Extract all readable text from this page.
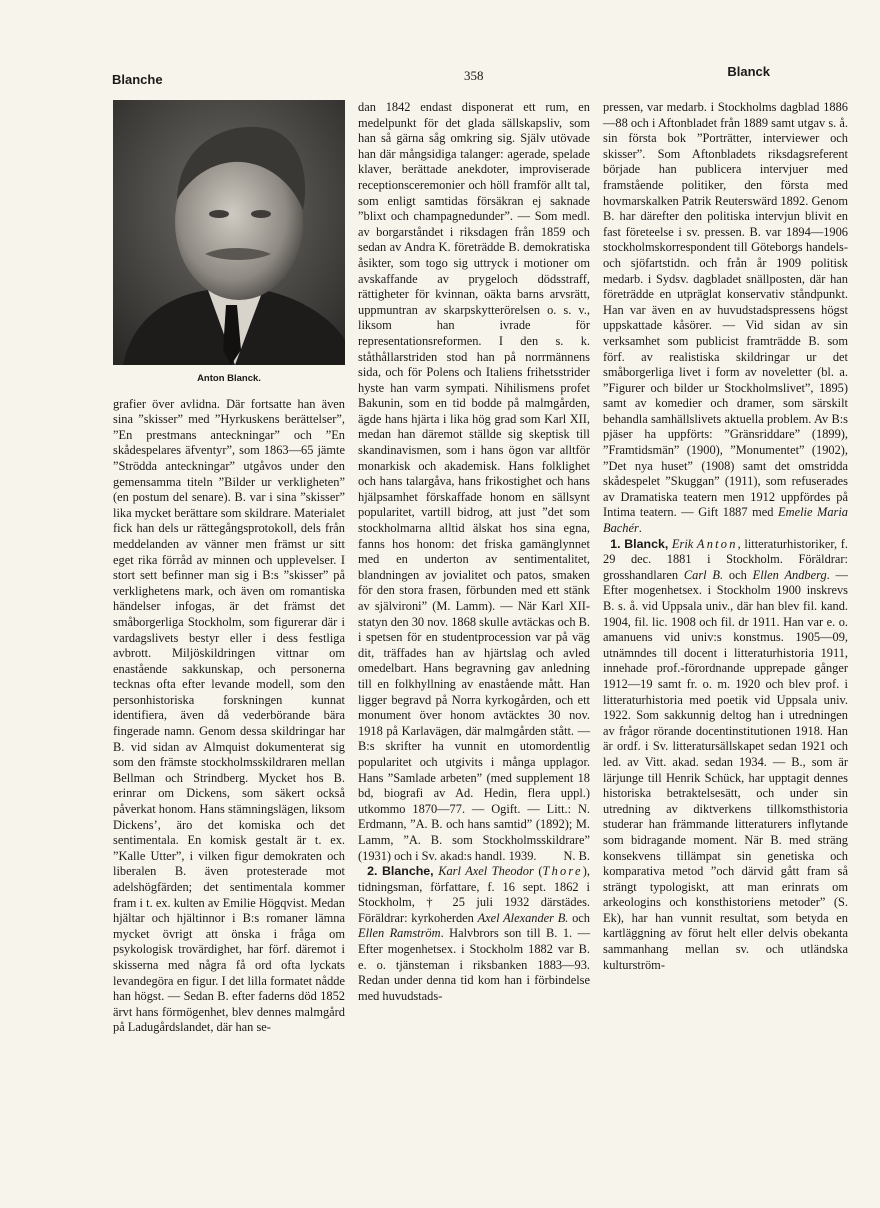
Blanche	358	Blanck
Anton Blanck.

grafier över avlidna. Där fortsatte han även sina ”skisser” med ”Hyrkuskens berättelser”, ”En prestmans anteckningar” och ”En skådespelares äfventyr”, som 1863—65 jämte ”Strödda anteckningar” utgåvos under den gemensamma titeln ”Bilder ur verkligheten” (en postum del senare). B. var i sina ”skisser” lika mycket berättare som skildrare. Materialet fick han dels ur rättegångsprotokoll, dels från meddelanden av vänner men främst ur sitt eget rika förråd av minnen och upplevelser. I stort sett befinner man sig i B:s ”skisser” på verklighetens mark, och även om romantiska händelser infogas, är det främst det småborgerliga Stockholm, som figurerar där i vardagslivets bestyr eller i dess festliga avbrott. Miljöskildringen vittnar om enastående sakkunskap, och personerna tecknas ofta efter levande modell, som den personhistoriska forskningen kunnat identifiera, även då vederbörande bära fingerade namn. Genom dessa skildringar har B. vid sidan av Almquist dokumenterat sig som den främste stockholmsskildraren mellan Bellman och Strindberg. Mycket hos B. erinrar om Dickens, som säkert också påverkat honom. Hans stämningslägen, liksom Dickens’, äro det komiska och det sentimentala. En komisk gestalt är t. ex. ”Kalle Utter”, i vilken figur demokraten och liberalen B. även protesterade mot adelshögfärden; det sentimentala kommer fram i t. ex. kulten av Emilie Högqvist. Medan hjältar och hjältinnor i B:s romaner lämna mycket övrigt att önska i fråga om psykologisk trovärdighet, har förf. däremot i skisserna med några få ord ofta lyckats levandegöra en figur. I det lilla formatet nådde han högst. — Sedan B. efter faderns död 1852 ärvt hans förmögenhet, blev dennes malmgård på Ladugårdslandet, där han se-

dan 1842 endast disponerat ett rum, en medelpunkt för det glada sällskapsliv, som han så gärna såg omkring sig. Själv utövade han där mångsidiga talanger: agerade, spelade klaver, berättade anekdoter, improviserade receptionsceremonier och höll framför allt tal, som enligt samtidas försäkran ej saknade ”blixt och champagnedunder”. — Som medl. av borgarståndet i riksdagen från 1859 och sedan av Andra K. företrädde B. demokratiska åsikter, som togo sig uttryck i motioner om avskaffande av prygeloch dödsstraff, rättigheter för kvinnan, oäkta barns arvsrätt, uppmuntran av skarpskytterörelsen o. s. v., liksom han ivrade för representationsreformen. I den s. k. ståthållarstriden stod han på norrmännens sida, och för Polens och Italiens frihetsstrider hyste han varm sympati. Nihilismens profet Bakunin, som en tid bodde på malmgården, ägde hans hjärta i lika hög grad som Karl XII, medan han däremot ställde sig skeptisk till skandinavismen, som i hans ögon var alltför monarkisk och akademisk. Hans folklighet och hans talargåva, hans frikostighet och hans hjälpsamhet förskaffade honom en sällsynt popularitet, vartill bidrog, att just ”det som stockholmarna alltid älskat hos sina egna, fanns hos honom: det friska gamänglynnet med en underton av sentimentalitet, blandningen av jovialitet och patos, smaken för den stora frasen, förbunden med ett stänk av självironi” (M. Lamm). — När Karl XII-statyn den 30 nov. 1868 skulle avtäckas och B. i spetsen för en studentprocession var på väg dit, träffades han av hjärtslag och avled omedelbart. Hans begravning gav anledning till en folkhyllning av enastående mått. Han ligger begravd på Norra kyrkogården, och ett monument över honom avtäcktes 30 nov. 1918 på Karlavägen, där malmgården stått. — B:s skrifter ha vunnit en utomordentlig popularitet och utgivits i många upplagor. Hans ”Samlade arbeten” (med supplement 18 bd, biografi av Ad. Hedin, flera uppl.) utkommo 1870—77. — Ogift. — Litt.: N. Erdmann, ”A. B. och hans samtid” (1892); M. Lamm, ”A. B. som Stockholmsskildrare” (1931) och i Sv. akad:s handl. 1939. N. B.

2. Blanche, Karl Axel Theodor (Thore), tidningsman, författare, f. 16 sept. 1862 i Stockholm, † 25 juli 1932 därstädes. Föräldrar: kyrkoherden Axel Alexander B. och Ellen Ramström. Halvbrors son till B. 1. — Efter mogenhetsex. i Stockholm 1882 var B. e. o. tjänsteman i riksbanken 1883—93. Redan under denna tid kom han i förbindelse med huvudstads-

pressen, var medarb. i Stockholms dagblad 1886—88 och i Aftonbladet från 1889 samt utgav s. å. sin första bok ”Porträtter, interviewer och skisser”. Som Aftonbladets riksdagsreferent började han publicera intervjuer med framstående politiker, den första med hovmarskalken Patrik Reuterswärd 1892. Genom B. har därefter den politiska intervjun blivit en fast företeelse i sv. pressen. B. var 1894—1906 stockholmskorrespondent till Göteborgs handels- och sjöfartstidn. och från år 1909 politisk medarb. i Sydsv. dagbladet snällposten, där han företrädde en utpräglat konservativ ståndpunkt. Han var även en av huvudstadspressens högst uppskattade kåsörer. — Vid sidan av sin verksamhet som publicist framträdde B. som förf. av realistiska skildringar ur det småborgerliga livet i form av noveletter (bl. a. ”Figurer och bilder ur Stockholmslivet”, 1895) samt av komedier och dramer, som särskilt behandla samhällslivets aktuella problem. Av B:s pjäser ha uppförts: ”Gränsriddare” (1899), ”Framtidsmän” (1900), ”Monumentet” (1902), ”Det nya huset” (1908) samt det omstridda skådespelet ”Skuggan” (1911), som refuserades av Dramatiska teatern men 1912 uppfördes på Intima teatern. — Gift 1887 med Emelie Maria Bachér.

1. Blanck, Erik Anton, litteraturhistoriker, f. 29 dec. 1881 i Stockholm. Föräldrar: grosshandlaren Carl B. och Ellen Andberg. — Efter mogenhetsex. i Stockholm 1900 inskrevs B. s. å. vid Uppsala univ., där han blev fil. kand. 1904, fil. lic. 1908 och fil. dr 1911. Han var e. o. amanuens vid univ:s konstmus. 1905—09, utnämndes till docent i litteraturhistoria 1911, innehade prof.-förordnande upprepade gånger 1912—19 samt fr. o. m. 1920 och blev prof. i litteraturhistoria med poetik vid Uppsala univ. 1922. Som sakkunnig deltog han i utredningen av frågor rörande docentinstitutionen 1918. Han är ordf. i Sv. litteratursällskapet sedan 1921 och led. av Vitt. akad. sedan 1934. — B., som är lärjunge till Henrik Schück, har upptagit dennes historiska betraktelsesätt, och under sin utredning av diktverkens tillkomsthistoria studerar han främmande litteraturers inflytande som bidragande moment. När B. med sträng konsekvens tillämpat sin genetiska och komparativa metod ”och därvid gått fram så strängt typologiskt, att man erinrats om arkeologins och konsthistoriens metoder” (S. Ek), har han vunnit resultat, som betyda en kartläggning av förut helt eller delvis obekanta sammanhang mellan sv. och utländska kulturström-
